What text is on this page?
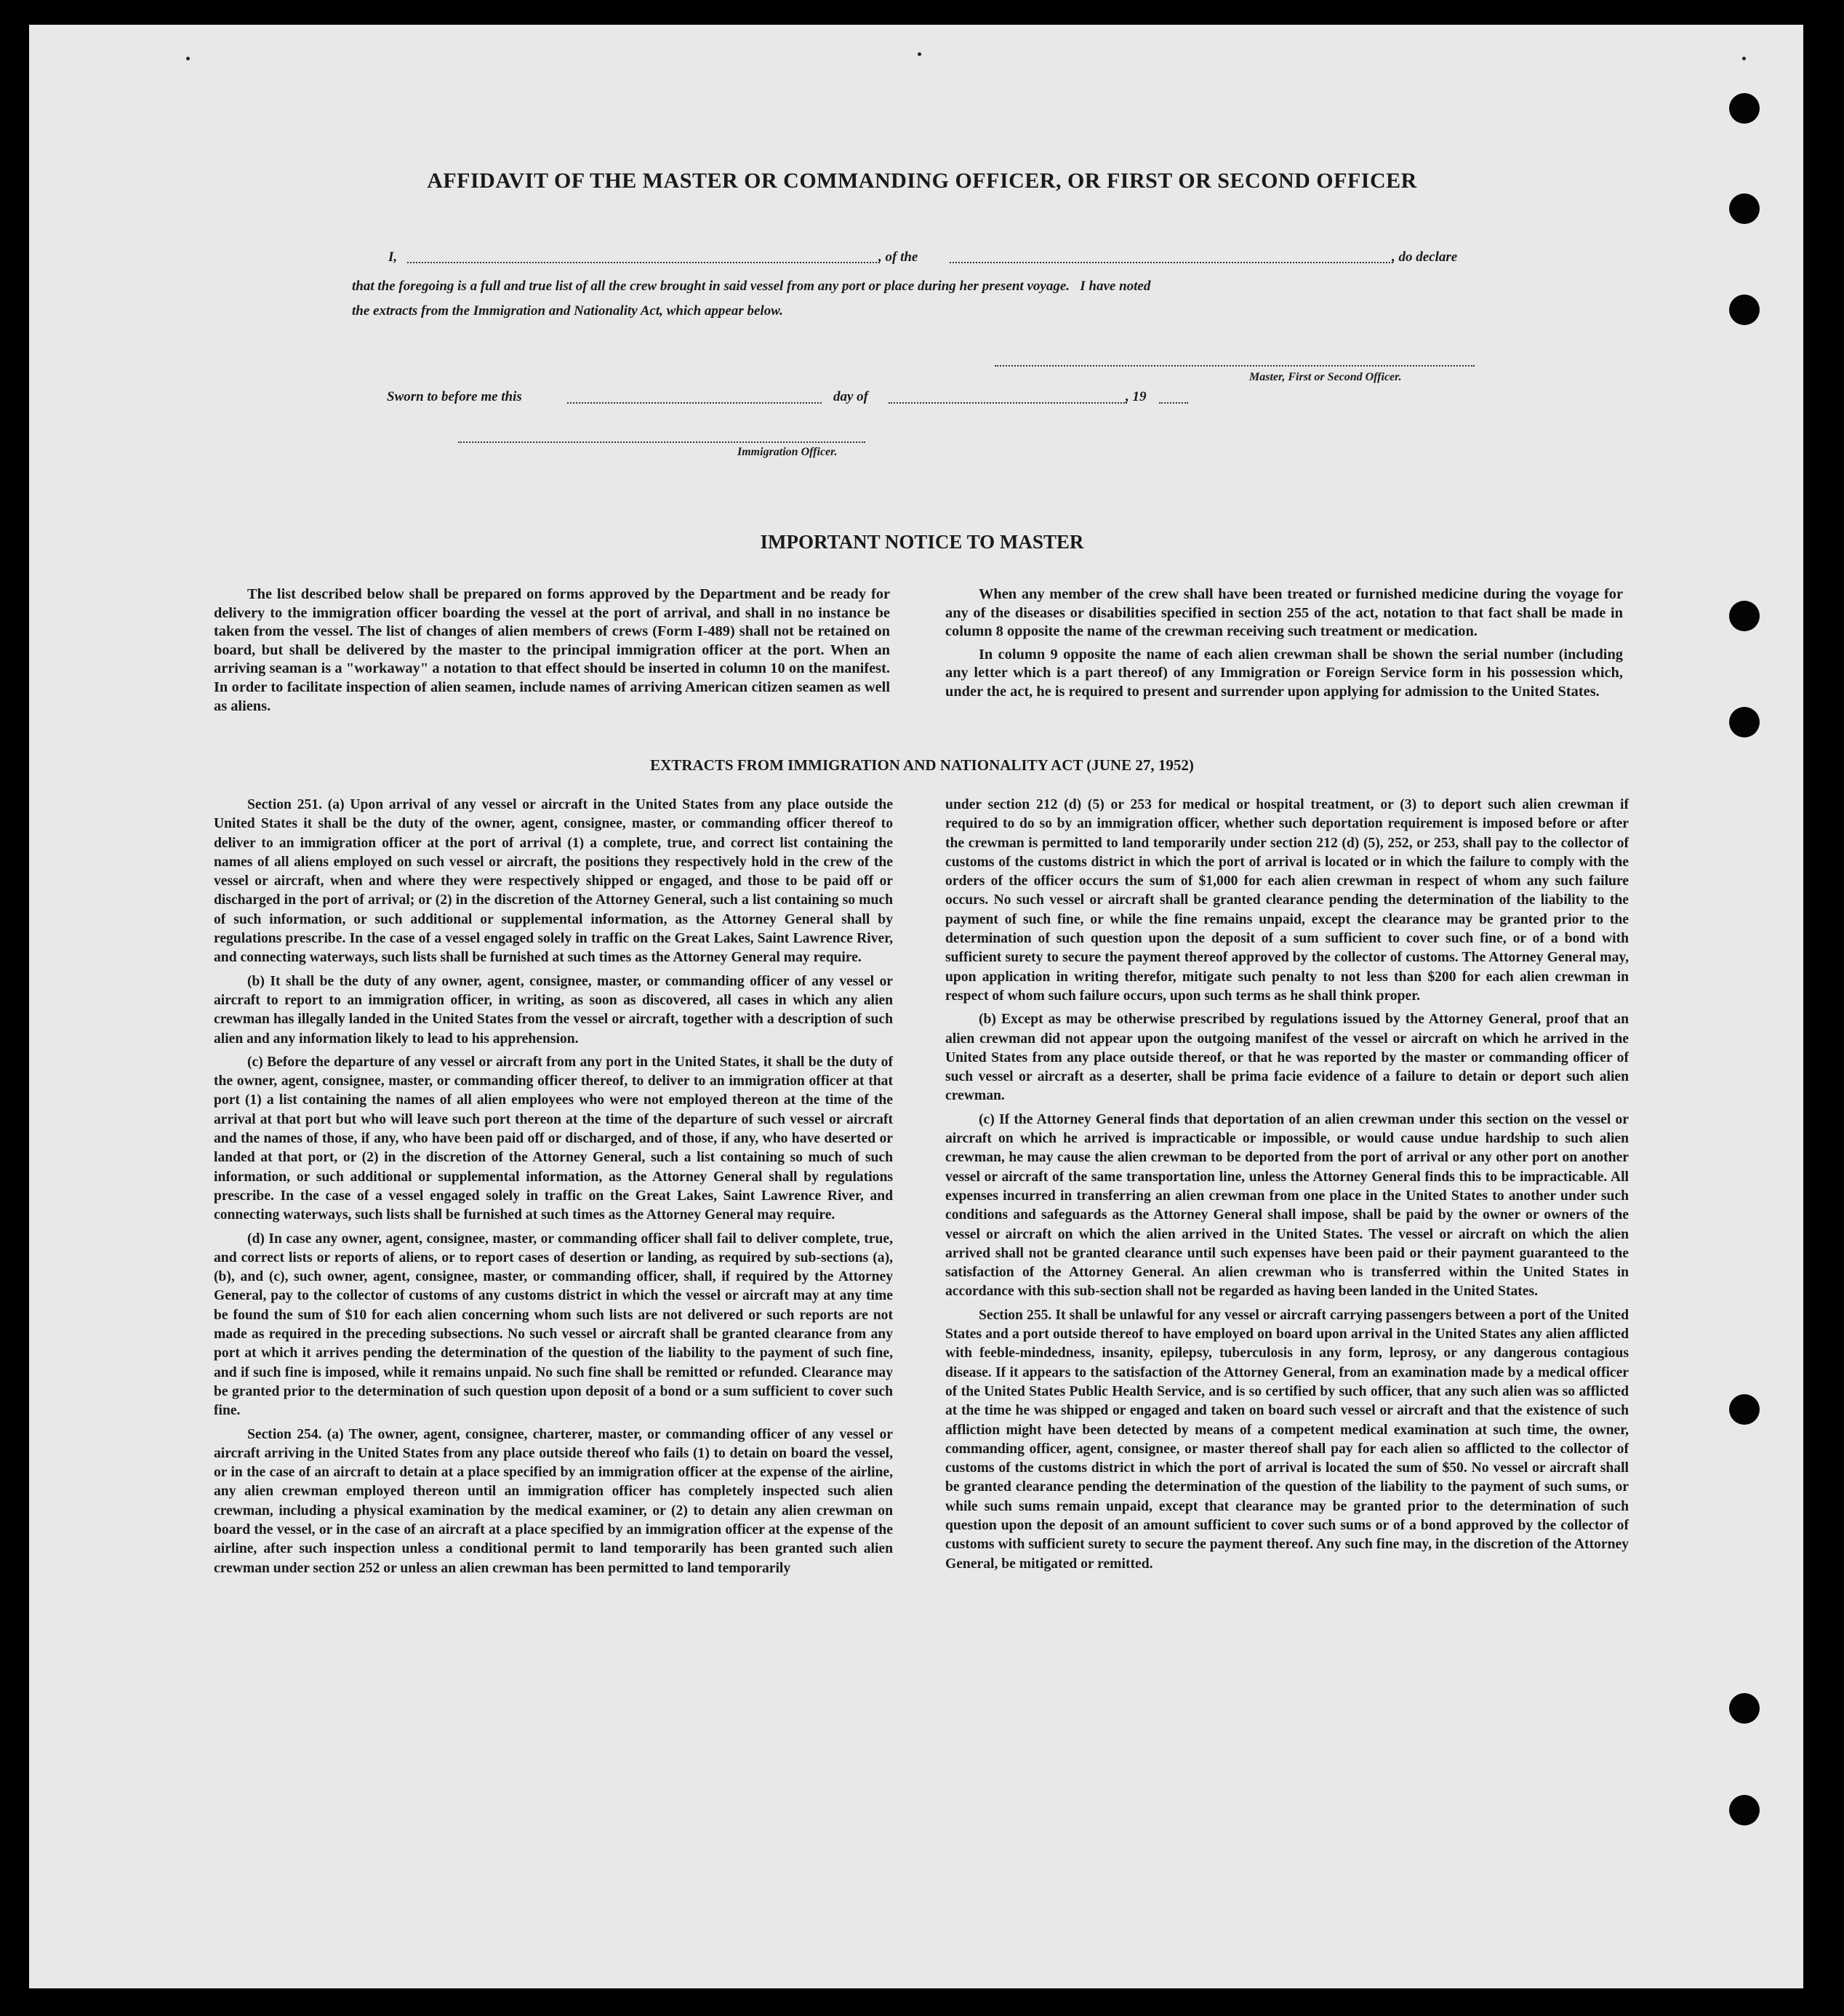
AFFIDAVIT OF THE MASTER OR COMMANDING OFFICER, OR FIRST OR SECOND OFFICER
I,	, of the	, do declare
that the foregoing is a full and true list of all the crew brought in said vessel from any port or place during her present voyage.   I have noted
the extracts from the Immigration and Nationality Act, which appear below.
Master, First or Second Officer.
Sworn to before me this	day of	, 19
Immigration Officer.
IMPORTANT NOTICE TO MASTER

The list described below shall be prepared on forms approved by the Department and be ready for delivery to the immigration officer boarding the vessel at the port of arrival, and shall in no instance be taken from the vessel. The list of changes of alien members of crews (Form I-489) shall not be retained on board, but shall be delivered by the master to the principal immigration officer at the port. When an arriving seaman is a "workaway" a notation to that effect should be inserted in column 10 on the manifest. In order to facilitate inspection of alien seamen, include names of arriving American citizen seamen as well as aliens.

When any member of the crew shall have been treated or furnished medicine during the voyage for any of the diseases or disabilities specified in section 255 of the act, notation to that fact shall be made in column 8 opposite the name of the crewman receiving such treatment or medication.

In column 9 opposite the name of each alien crewman shall be shown the serial number (including any letter which is a part thereof) of any Immigration or Foreign Service form in his possession which, under the act, he is required to present and surrender upon applying for admission to the United States.

EXTRACTS FROM IMMIGRATION AND NATIONALITY ACT (JUNE 27, 1952)

Section 251. (a) Upon arrival of any vessel or aircraft in the United States from any place outside the United States it shall be the duty of the owner, agent, consignee, master, or commanding officer thereof to deliver to an immigration officer at the port of arrival (1) a complete, true, and correct list containing the names of all aliens employed on such vessel or aircraft, the positions they respectively hold in the crew of the vessel or aircraft, when and where they were respectively shipped or engaged, and those to be paid off or discharged in the port of arrival; or (2) in the discretion of the Attorney General, such a list containing so much of such information, or such additional or supplemental information, as the Attorney General shall by regulations prescribe. In the case of a vessel engaged solely in traffic on the Great Lakes, Saint Lawrence River, and connecting waterways, such lists shall be furnished at such times as the Attorney General may require.

(b) It shall be the duty of any owner, agent, consignee, master, or commanding officer of any vessel or aircraft to report to an immigration officer, in writing, as soon as discovered, all cases in which any alien crewman has illegally landed in the United States from the vessel or aircraft, together with a description of such alien and any information likely to lead to his apprehension.

(c) Before the departure of any vessel or aircraft from any port in the United States, it shall be the duty of the owner, agent, consignee, master, or commanding officer thereof, to deliver to an immigration officer at that port (1) a list containing the names of all alien employees who were not employed thereon at the time of the arrival at that port but who will leave such port thereon at the time of the departure of such vessel or aircraft and the names of those, if any, who have been paid off or discharged, and of those, if any, who have deserted or landed at that port, or (2) in the discretion of the Attorney General, such a list containing so much of such information, or such additional or supplemental information, as the Attorney General shall by regulations prescribe. In the case of a vessel engaged solely in traffic on the Great Lakes, Saint Lawrence River, and connecting waterways, such lists shall be furnished at such times as the Attorney General may require.

(d) In case any owner, agent, consignee, master, or commanding officer shall fail to deliver complete, true, and correct lists or reports of aliens, or to report cases of desertion or landing, as required by sub-sections (a), (b), and (c), such owner, agent, consignee, master, or commanding officer, shall, if required by the Attorney General, pay to the collector of customs of any customs district in which the vessel or aircraft may at any time be found the sum of $10 for each alien concerning whom such lists are not delivered or such reports are not made as required in the preceding subsections. No such vessel or aircraft shall be granted clearance from any port at which it arrives pending the determination of the question of the liability to the payment of such fine, and if such fine is imposed, while it remains unpaid. No such fine shall be remitted or refunded. Clearance may be granted prior to the determination of such question upon deposit of a bond or a sum sufficient to cover such fine.

Section 254. (a) The owner, agent, consignee, charterer, master, or commanding officer of any vessel or aircraft arriving in the United States from any place outside thereof who fails (1) to detain on board the vessel, or in the case of an aircraft to detain at a place specified by an immigration officer at the expense of the airline, any alien crewman employed thereon until an immigration officer has completely inspected such alien crewman, including a physical examination by the medical examiner, or (2) to detain any alien crewman on board the vessel, or in the case of an aircraft at a place specified by an immigration officer at the expense of the airline, after such inspection unless a conditional permit to land temporarily has been granted such alien crewman under section 252 or unless an alien crewman has been permitted to land temporarily

under section 212 (d) (5) or 253 for medical or hospital treatment, or (3) to deport such alien crewman if required to do so by an immigration officer, whether such deportation requirement is imposed before or after the crewman is permitted to land temporarily under section 212 (d) (5), 252, or 253, shall pay to the collector of customs of the customs district in which the port of arrival is located or in which the failure to comply with the orders of the officer occurs the sum of $1,000 for each alien crewman in respect of whom any such failure occurs. No such vessel or aircraft shall be granted clearance pending the determination of the liability to the payment of such fine, or while the fine remains unpaid, except the clearance may be granted prior to the determination of such question upon the deposit of a sum sufficient to cover such fine, or of a bond with sufficient surety to secure the payment thereof approved by the collector of customs. The Attorney General may, upon application in writing therefor, mitigate such penalty to not less than $200 for each alien crewman in respect of whom such failure occurs, upon such terms as he shall think proper.

(b) Except as may be otherwise prescribed by regulations issued by the Attorney General, proof that an alien crewman did not appear upon the outgoing manifest of the vessel or aircraft on which he arrived in the United States from any place outside thereof, or that he was reported by the master or commanding officer of such vessel or aircraft as a deserter, shall be prima facie evidence of a failure to detain or deport such alien crewman.

(c) If the Attorney General finds that deportation of an alien crewman under this section on the vessel or aircraft on which he arrived is impracticable or impossible, or would cause undue hardship to such alien crewman, he may cause the alien crewman to be deported from the port of arrival or any other port on another vessel or aircraft of the same transportation line, unless the Attorney General finds this to be impracticable. All expenses incurred in transferring an alien crewman from one place in the United States to another under such conditions and safeguards as the Attorney General shall impose, shall be paid by the owner or owners of the vessel or aircraft on which the alien arrived in the United States. The vessel or aircraft on which the alien arrived shall not be granted clearance until such expenses have been paid or their payment guaranteed to the satisfaction of the Attorney General. An alien crewman who is transferred within the United States in accordance with this sub-section shall not be regarded as having been landed in the United States.

Section 255. It shall be unlawful for any vessel or aircraft carrying passengers between a port of the United States and a port outside thereof to have employed on board upon arrival in the United States any alien afflicted with feeble-mindedness, insanity, epilepsy, tuberculosis in any form, leprosy, or any dangerous contagious disease. If it appears to the satisfaction of the Attorney General, from an examination made by a medical officer of the United States Public Health Service, and is so certified by such officer, that any such alien was so afflicted at the time he was shipped or engaged and taken on board such vessel or aircraft and that the existence of such affliction might have been detected by means of a competent medical examination at such time, the owner, commanding officer, agent, consignee, or master thereof shall pay for each alien so afflicted to the collector of customs of the customs district in which the port of arrival is located the sum of $50. No vessel or aircraft shall be granted clearance pending the determination of the question of the liability to the payment of such sums, or while such sums remain unpaid, except that clearance may be granted prior to the determination of such question upon the deposit of an amount sufficient to cover such sums or of a bond approved by the collector of customs with sufficient surety to secure the payment thereof. Any such fine may, in the discretion of the Attorney General, be mitigated or remitted.
